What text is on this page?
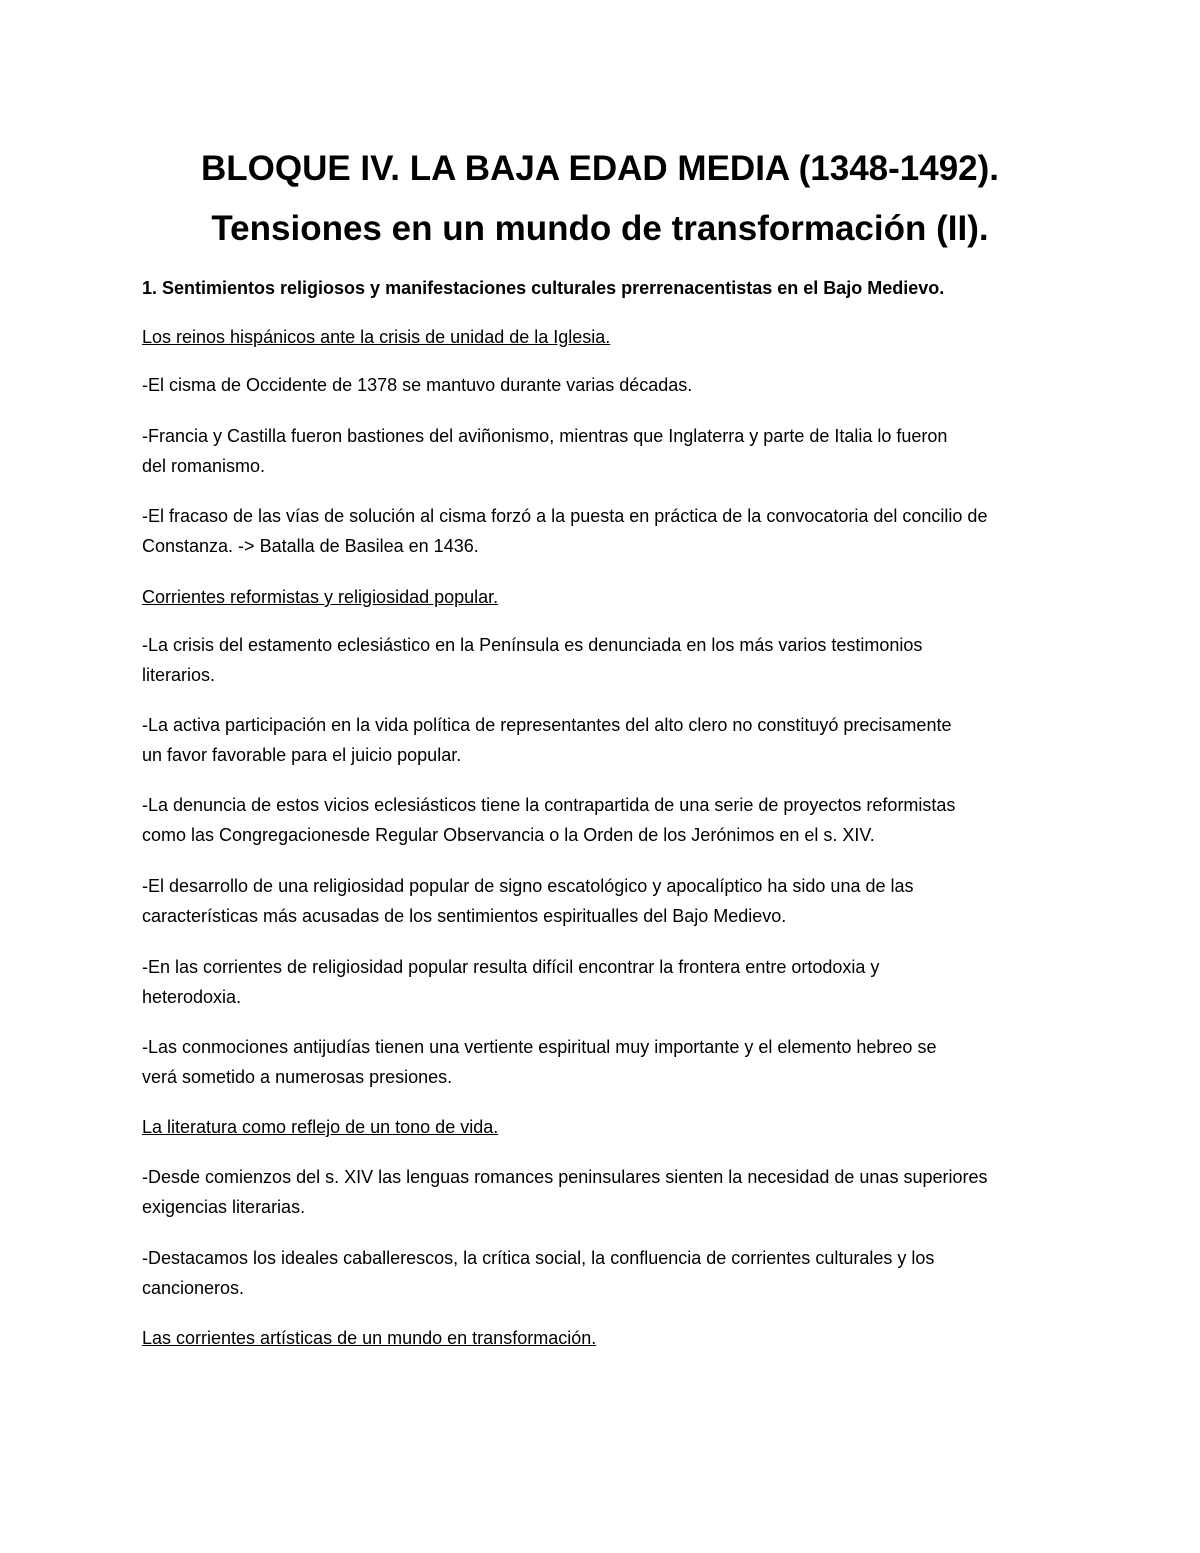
BLOQUE IV. LA BAJA EDAD MEDIA (1348-1492).
Tensiones en un mundo de transformación (II).
1. Sentimientos religiosos y manifestaciones culturales prerrenacentistas en el Bajo Medievo.
Los reinos hispánicos ante la crisis de unidad de la Iglesia.
-El cisma de Occidente de 1378 se mantuvo durante varias décadas.
-Francia y Castilla fueron bastiones del aviñonismo, mientras que Inglaterra y parte de Italia lo fueron
del romanismo.
-El fracaso de las vías de solución al cisma forzó a la puesta en práctica de la convocatoria del concilio de
Constanza. -> Batalla de Basilea en 1436.
Corrientes reformistas y religiosidad popular.
-La crisis del estamento eclesiástico en la Península es denunciada en los más varios testimonios
literarios.
-La activa participación en la vida política de representantes del alto clero no constituyó precisamente
un favor favorable para el juicio popular.
-La denuncia de estos vicios eclesiásticos tiene la contrapartida de una serie de proyectos reformistas
como las Congregacionesde Regular Observancia o la Orden de los Jerónimos en el s. XIV.
-El desarrollo de una religiosidad popular de signo escatológico y apocalíptico ha sido una de las
características más acusadas de los sentimientos espiritualles del Bajo Medievo.
-En las corrientes de religiosidad popular resulta difícil encontrar la frontera entre ortodoxia y
heterodoxia.
-Las conmociones antijudías tienen una vertiente espiritual muy importante y el elemento hebreo se
verá sometido a numerosas presiones.
La literatura como reflejo de un tono de vida.
-Desde comienzos del s. XIV las lenguas romances peninsulares sienten la necesidad de unas superiores
exigencias literarias.
-Destacamos los ideales caballerescos, la crítica social, la confluencia de corrientes culturales y los
cancioneros.
Las corrientes artísticas de un mundo en transformación.
